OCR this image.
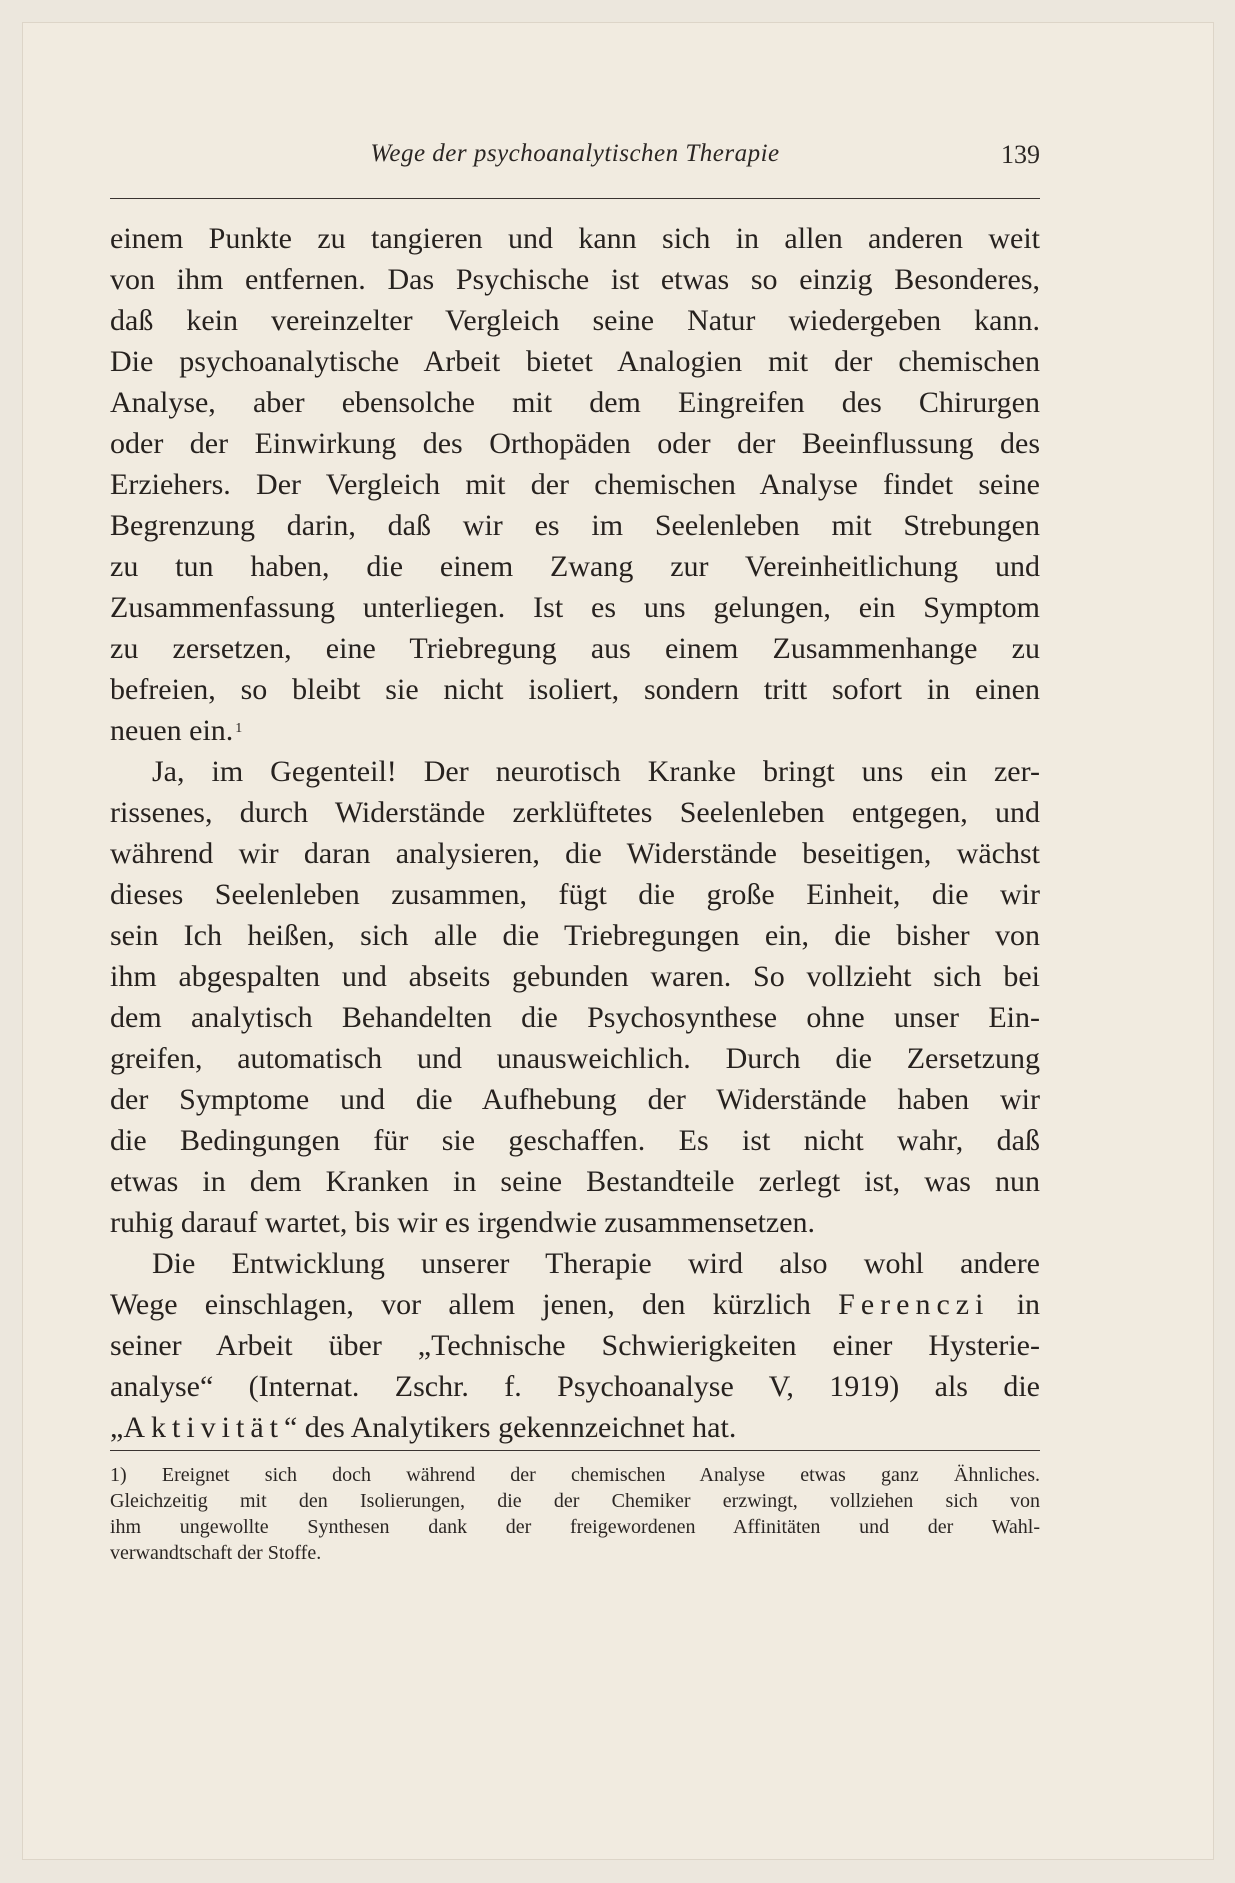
Wege der psychoanalytischen Therapie	139
einem Punkte zu tangieren und kann sich in allen anderen weit
von ihm entfernen. Das Psychische ist etwas so einzig Besonderes,
daß kein vereinzelter Vergleich seine Natur wiedergeben kann.
Die psychoanalytische Arbeit bietet Analogien mit der chemischen
Analyse, aber ebensolche mit dem Eingreifen des Chirurgen
oder der Einwirkung des Orthopäden oder der Beeinflussung des
Erziehers. Der Vergleich mit der chemischen Analyse findet seine
Begrenzung darin, daß wir es im Seelenleben mit Strebungen
zu tun haben, die einem Zwang zur Vereinheitlichung und
Zusammenfassung unterliegen. Ist es uns gelungen, ein Symptom
zu zersetzen, eine Triebregung aus einem Zusammenhange zu
befreien, so bleibt sie nicht isoliert, sondern tritt sofort in einen
neuen ein. $^1$
Ja, im Gegenteil! Der neurotisch Kranke bringt uns ein zer-
rissenes, durch Widerstände zerklüftetes Seelenleben entgegen, und
während wir daran analysieren, die Widerstände beseitigen, wächst
dieses Seelenleben zusammen, fügt die große Einheit, die wir
sein Ich heißen, sich alle die Triebregungen ein, die bisher von
ihm abgespalten und abseits gebunden waren. So vollzieht sich bei
dem analytisch Behandelten die Psychosynthese ohne unser Ein-
greifen, automatisch und unausweichlich. Durch die Zersetzung
der Symptome und die Aufhebung der Widerstände haben wir
die Bedingungen für sie geschaffen. Es ist nicht wahr, daß
etwas in dem Kranken in seine Bestandteile zerlegt ist, was nun
ruhig darauf wartet, bis wir es irgendwie zusammensetzen.
Die Entwicklung unserer Therapie wird also wohl andere
Wege einschlagen, vor allem jenen, den kürzlich Ferenczi in
seiner Arbeit über „Technische Schwierigkeiten einer Hysterie-
analyse“ (Internat. Zschr. f. Psychoanalyse V, 1919) als die
„Aktivität“ des Analytikers gekennzeichnet hat.
1) Ereignet sich doch während der chemischen Analyse etwas ganz Ähnliches.
Gleichzeitig mit den Isolierungen, die der Chemiker erzwingt, vollziehen sich von
ihm ungewollte Synthesen dank der freigewordenen Affinitäten und der Wahl-
verwandtschaft der Stoffe.
